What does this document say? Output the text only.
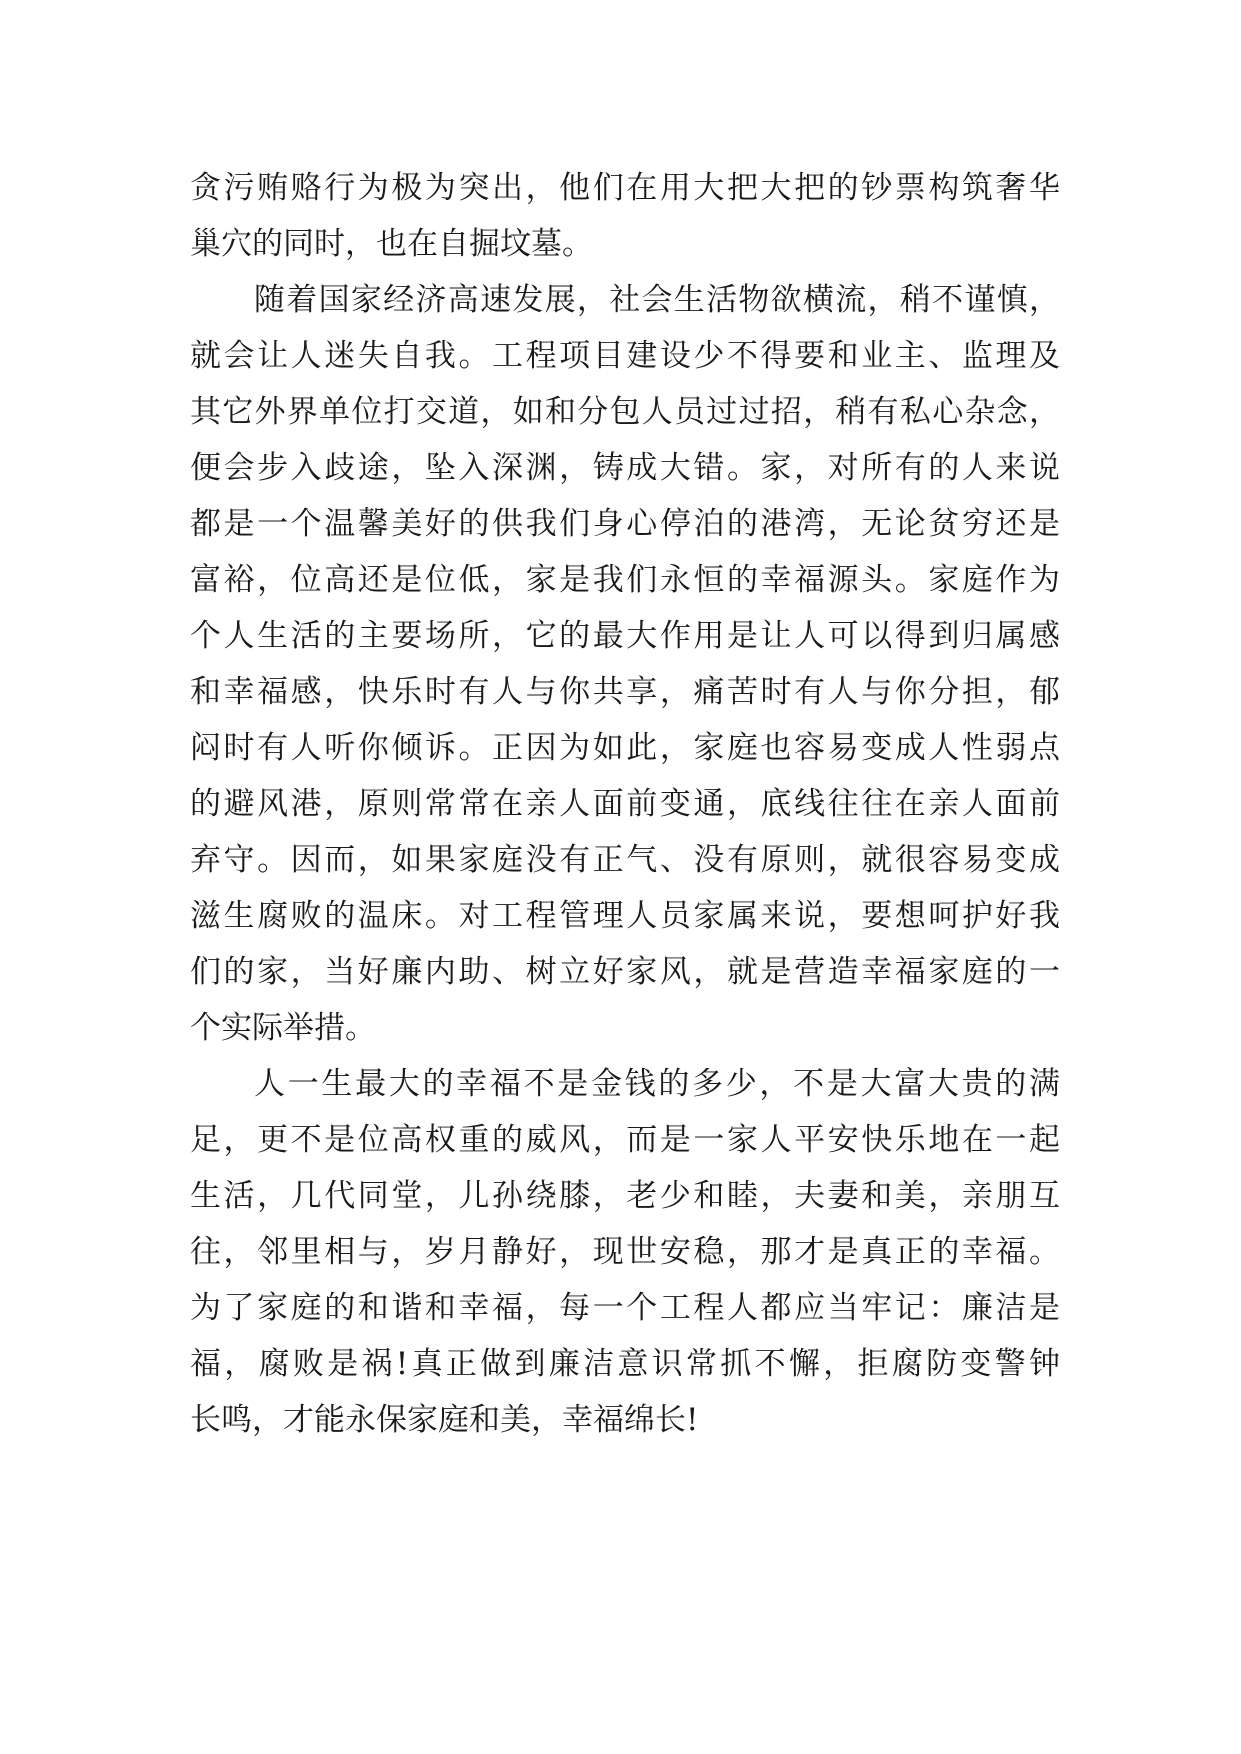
贪污贿赂行为极为突出，他们在用大把大把的钞票构筑奢华
巢穴的同时，也在自掘坟墓。
随着国家经济高速发展，社会生活物欲横流，稍不谨慎，
就会让人迷失自我。工程项目建设少不得要和业主、监理及
其它外界单位打交道，如和分包人员过过招，稍有私心杂念，
便会步入歧途，坠入深渊，铸成大错。家，对所有的人来说
都是一个温馨美好的供我们身心停泊的港湾，无论贫穷还是
富裕，位高还是位低，家是我们永恒的幸福源头。家庭作为
个人生活的主要场所，它的最大作用是让人可以得到归属感
和幸福感，快乐时有人与你共享，痛苦时有人与你分担，郁
闷时有人听你倾诉。正因为如此，家庭也容易变成人性弱点
的避风港，原则常常在亲人面前变通，底线往往在亲人面前
弃守。因而，如果家庭没有正气、没有原则，就很容易变成
滋生腐败的温床。对工程管理人员家属来说，要想呵护好我
们的家，当好廉内助、树立好家风，就是营造幸福家庭的一
个实际举措。
人一生最大的幸福不是金钱的多少，不是大富大贵的满
足，更不是位高权重的威风，而是一家人平安快乐地在一起
生活，几代同堂，儿孙绕膝，老少和睦，夫妻和美，亲朋互
往，邻里相与，岁月静好，现世安稳，那才是真正的幸福。
为了家庭的和谐和幸福，每一个工程人都应当牢记：廉洁是
福，腐败是祸!真正做到廉洁意识常抓不懈，拒腐防变警钟
长鸣，才能永保家庭和美，幸福绵长!
